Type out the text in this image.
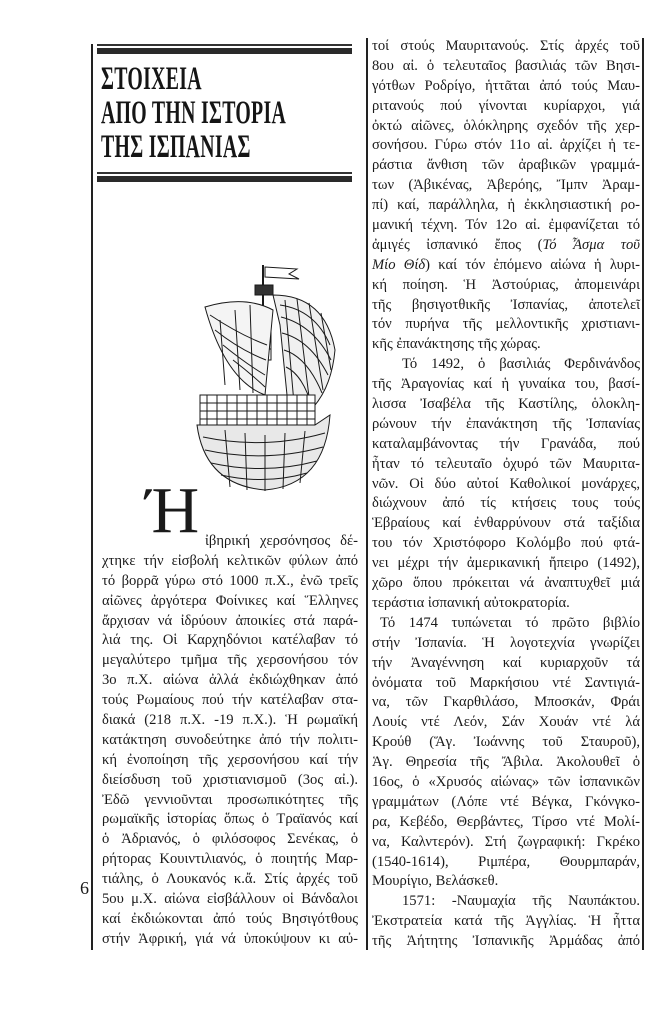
ΣΤΟΙΧΕΙΑ
ΑΠΟ ΤΗΝ ΙΣΤΟΡΙΑ
ΤΗΣ ΙΣΠΑΝΙΑΣ
Ή ἰβηρική χερσόνησος δέ-
χτηκε τήν εἰσβολή κελτικῶν φύλων ἀπό
τό βορρᾶ γύρω στό 1000 π.Χ., ἐνῶ τρεῖς
αἰῶνες ἀργότερα Φοίνικες καί Ἕλληνες
ἄρχισαν νά ἰδρύουν ἀποικίες στά παρά-
λιά της. Οἱ Καρχηδόνιοι κατέλαβαν τό
μεγαλύτερο τμῆμα τῆς χερσονήσου τόν
3ο π.Χ. αἰώνα ἀλλά ἐκδιώχθηκαν ἀπό
τούς Ρωμαίους πού τήν κατέλαβαν στα-
διακά (218 π.Χ. -19 π.Χ.). Ἡ ρωμαϊκή
κατάκτηση συνοδεύτηκε ἀπό τήν πολιτι-
κή ἐνοποίηση τῆς χερσονήσου καί τήν
διείσδυση τοῦ χριστιανισμοῦ (3ος αἰ.).
Ἐδῶ γεννιοῦνται προσωπικότητες τῆς
ρωμαϊκῆς ἱστορίας ὅπως ὁ Τραϊανός καί
ὁ Ἀδριανός, ὁ φιλόσοφος Σενέκας, ὁ
ρήτορας Κουιντιλιανός, ὁ ποιητής Μαρ-
τιάλης, ὁ Λουκανός κ.ἄ. Στίς ἀρχές τοῦ
5ου μ.Χ. αἰώνα εἰσβάλλουν οἱ Βάνδαλοι
καί ἐκδιώκονται ἀπό τούς Βησιγότθους
στήν Ἀφρική, γιά νά ὑποκύψουν κι αὐ-
τοί στούς Μαυριτανούς. Στίς ἀρχές τοῦ
8ου αἰ. ὁ τελευταῖος βασιλιάς τῶν Βησι-
γότθων Ροδρίγο, ἡττᾶται ἀπό τούς Μαυ-
ριτανούς πού γίνονται κυρίαρχοι, γιά
ὀκτώ αἰῶνες, ὁλόκληρης σχεδόν τῆς χερ-
σονήσου. Γύρω στόν 11ο αἰ. ἀρχίζει ἡ τε-
ράστια ἄνθιση τῶν ἀραβικῶν γραμμά-
των (Ἀβικένας, Ἀβερόης, Ἴμπν Ἀραμ-
πί) καί, παράλληλα, ἡ ἐκκλησιαστική ρο-
μανική τέχνη. Τόν 12ο αἰ. ἐμφανίζεται τό
ἀμιγές ἰσπανικό ἔπος (Τό Ἆσμα τοῦ
Μίο Θίδ) καί τόν ἐπόμενο αἰώνα ἡ λυρι-
κή ποίηση. Ἡ Ἀστούριας, ἀπομεινάρι
τῆς βησιγοτθικῆς Ἰσπανίας, ἀποτελεῖ
τόν πυρήνα τῆς μελλοντικῆς χριστιανι-
κῆς ἐπανάκτησης τῆς χώρας.
Τό 1492, ὁ βασιλιάς Φερδινάνδος
τῆς Ἀραγονίας καί ἡ γυναίκα του, βασί-
λισσα Ἰσαβέλα τῆς Καστίλης, ὁλοκλη-
ρώνουν τήν ἐπανάκτηση τῆς Ἰσπανίας
καταλαμβάνοντας τήν Γρανάδα, πού
ἦταν τό τελευταῖο ὀχυρό τῶν Μαυριτα-
νῶν. Οἱ δύο αὐτοί Καθολικοί μονάρχες,
διώχνουν ἀπό τίς κτήσεις τους τούς
Ἑβραίους καί ἐνθαρρύνουν στά ταξίδια
του τόν Χριστόφορο Κολόμβο πού φτά-
νει μέχρι τήν ἀμερικανική ἤπειρο (1492),
χῶρο ὅπου πρόκειται νά ἀναπτυχθεῖ μιά
τεράστια ἰσπανική αὐτοκρατορία.
Τό 1474 τυπώνεται τό πρῶτο βιβλίο
στήν Ἰσπανία. Ἡ λογοτεχνία γνωρίζει
τήν Ἀναγέννηση καί κυριαρχοῦν τά
ὀνόματα τοῦ Μαρκήσιου ντέ Σαντιγιά-
να, τῶν Γκαρθιλάσο, Μποσκάν, Φράι
Λουίς ντέ Λεόν, Σάν Χουάν ντέ λά
Κρούθ (Ἅγ. Ἰωάννης τοῦ Σταυροῦ),
Ἁγ. Θηρεσία τῆς Ἄβιλα. Ἀκολουθεῖ ὁ
16ος, ὁ «Χρυσός αἰώνας» τῶν ἰσπανικῶν
γραμμάτων (Λόπε ντέ Βέγκα, Γκόνγκο-
ρα, Κεβέδο, Θερβάντες, Τίρσο ντέ Μολί-
να, Καλντερόν). Στή ζωγραφική: Γκρέκο
(1540-1614), Ριμπέρα, Θουρμπαράν,
Μουρίγιο, Βελάσκεθ.
1571: -Ναυμαχία τῆς Ναυπάκτου.
Ἐκστρατεία κατά τῆς Ἀγγλίας. Ἡ ἧττα
τῆς Ἀήτητης Ἰσπανικῆς Ἀρμάδας ἀπό
6
